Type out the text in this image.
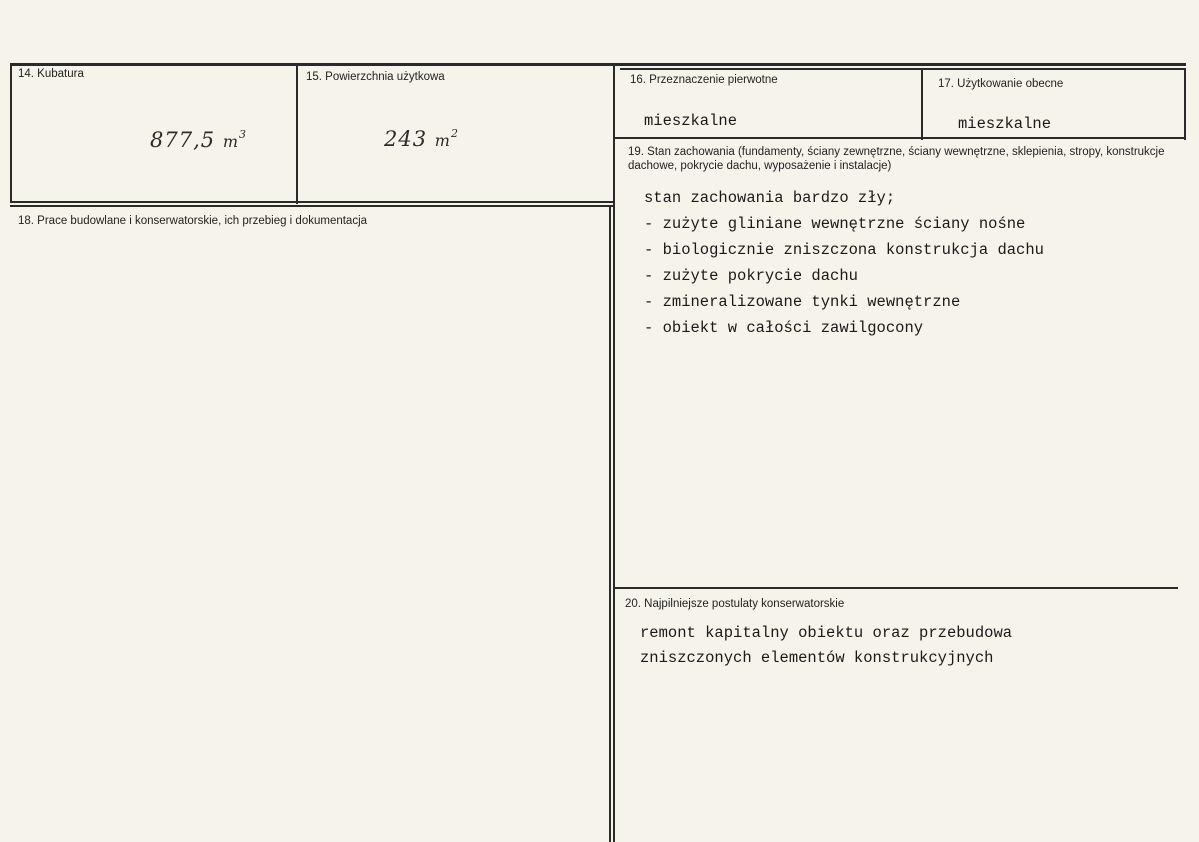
14. Kubatura
877,5 $m^3$
15. Powierzchnia użytkowa
243 $m^2$
16. Przeznaczenie pierwotne
mieszkalne
17. Użytkowanie obecne
mieszkalne
18. Prace budowlane i konserwatorskie, ich przebieg i dokumentacja
19. Stan zachowania (fundamenty, ściany zewnętrzne, ściany wewnętrzne, sklepienia, stropy, konstrukcje dachowe, pokrycie dachu, wyposażenie i instalacje)
stan zachowania bardzo zły;
- zużyte gliniane wewnętrzne ściany nośne
- biologicznie zniszczona konstrukcja dachu
- zużyte pokrycie dachu
- zmineralizowane tynki wewnętrzne
- obiekt w całości zawilgocony
20. Najpilniejsze postulaty konserwatorskie
remont kapitalny obiektu oraz przebudowa
zniszczonych elementów konstrukcyjnych
